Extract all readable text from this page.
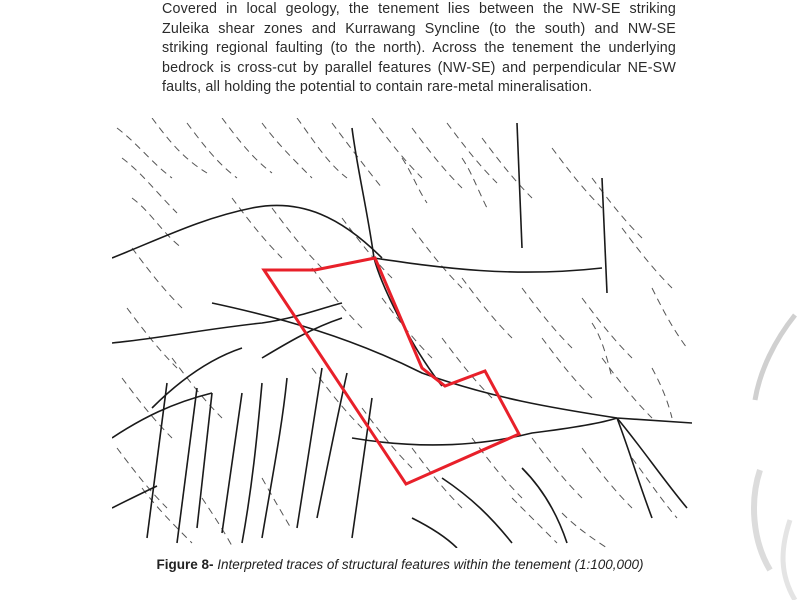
Covered in local geology, the tenement lies between the NW-SE striking Zuleika shear zones and Kurrawang Syncline (to the south) and NW-SE striking regional faulting (to the north). Across the tenement the underlying bedrock is cross-cut by parallel features (NW-SE) and perpendicular NE-SW faults, all holding the potential to contain rare-metal mineralisation.

Figure 8- Interpreted traces of structural features within the tenement (1:100,000)
